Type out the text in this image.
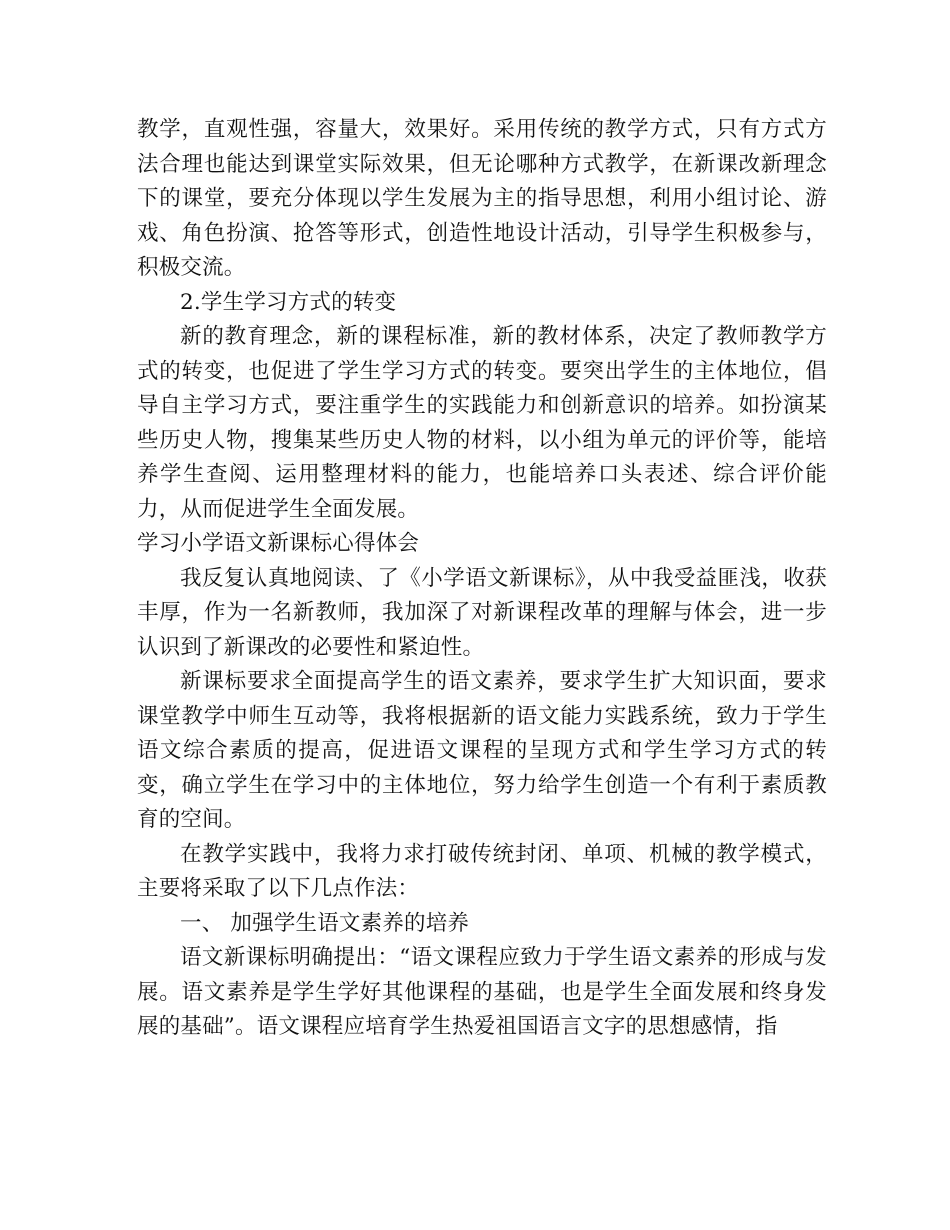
教学，直观性强，容量大，效果好。采用传统的教学方式，只有方式方法合理也能达到课堂实际效果，但无论哪种方式教学，在新课改新理念下的课堂，要充分体现以学生发展为主的指导思想，利用小组讨论、游戏、角色扮演、抢答等形式，创造性地设计活动，引导学生积极参与，积极交流。

2.学生学习方式的转变

新的教育理念，新的课程标准，新的教材体系，决定了教师教学方式的转变，也促进了学生学习方式的转变。要突出学生的主体地位，倡导自主学习方式，要注重学生的实践能力和创新意识的培养。如扮演某些历史人物，搜集某些历史人物的材料，以小组为单元的评价等，能培养学生查阅、运用整理材料的能力，也能培养口头表述、综合评价能力，从而促进学生全面发展。

学习小学语文新课标心得体会

我反复认真地阅读、了《小学语文新课标》，从中我受益匪浅，收获丰厚，作为一名新教师，我加深了对新课程改革的理解与体会，进一步认识到了新课改的必要性和紧迫性。

新课标要求全面提高学生的语文素养，要求学生扩大知识面，要求课堂教学中师生互动等，我将根据新的语文能力实践系统，致力于学生语文综合素质的提高，促进语文课程的呈现方式和学生学习方式的转变，确立学生在学习中的主体地位，努力给学生创造一个有利于素质教育的空间。

在教学实践中，我将力求打破传统封闭、单项、机械的教学模式，主要将采取了以下几点作法：

一、 加强学生语文素养的培养

语文新课标明确提出：“语文课程应致力于学生语文素养的形成与发展。语文素养是学生学好其他课程的基础，也是学生全面发展和终身发展的基础”。语文课程应培育学生热爱祖国语言文字的思想感情，指
